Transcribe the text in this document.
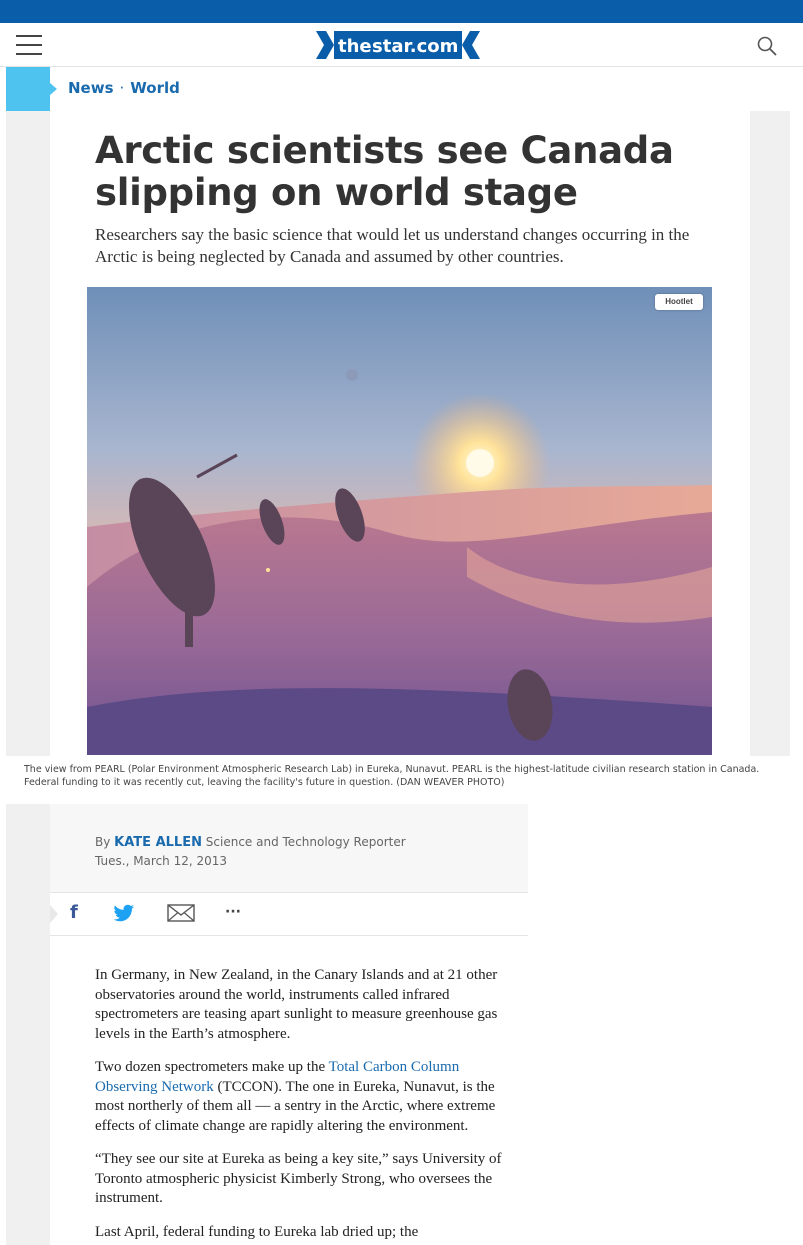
the star.com
News · World
Arctic scientists see Canada slipping on world stage

Researchers say the basic science that would let us understand changes occurring in the Arctic is being neglected by Canada and assumed by other countries.

Hootlet

The view from PEARL (Polar Environment Atmospheric Research Lab) in Eureka, Nunavut. PEARL is the highest-latitude civilian research station in Canada. Federal funding to it was recently cut, leaving the facility's future in question. (DAN WEAVER PHOTO)

By KATE ALLEN Science and Technology Reporter
Tues., March 12, 2013
f	···

In Germany, in New Zealand, in the Canary Islands and at 21 other observatories around the world, instruments called infrared spectrometers are teasing apart sunlight to measure greenhouse gas levels in the Earth’s atmosphere.

Two dozen spectrometers make up the Total Carbon Column Observing Network (TCCON). The one in Eureka, Nunavut, is the most northerly of them all — a sentry in the Arctic, where extreme effects of climate change are rapidly altering the environment.

“They see our site at Eureka as being a key site,” says University of Toronto atmospheric physicist Kimberly Strong, who oversees the instrument.

Last April, federal funding to Eureka lab dried up; the
